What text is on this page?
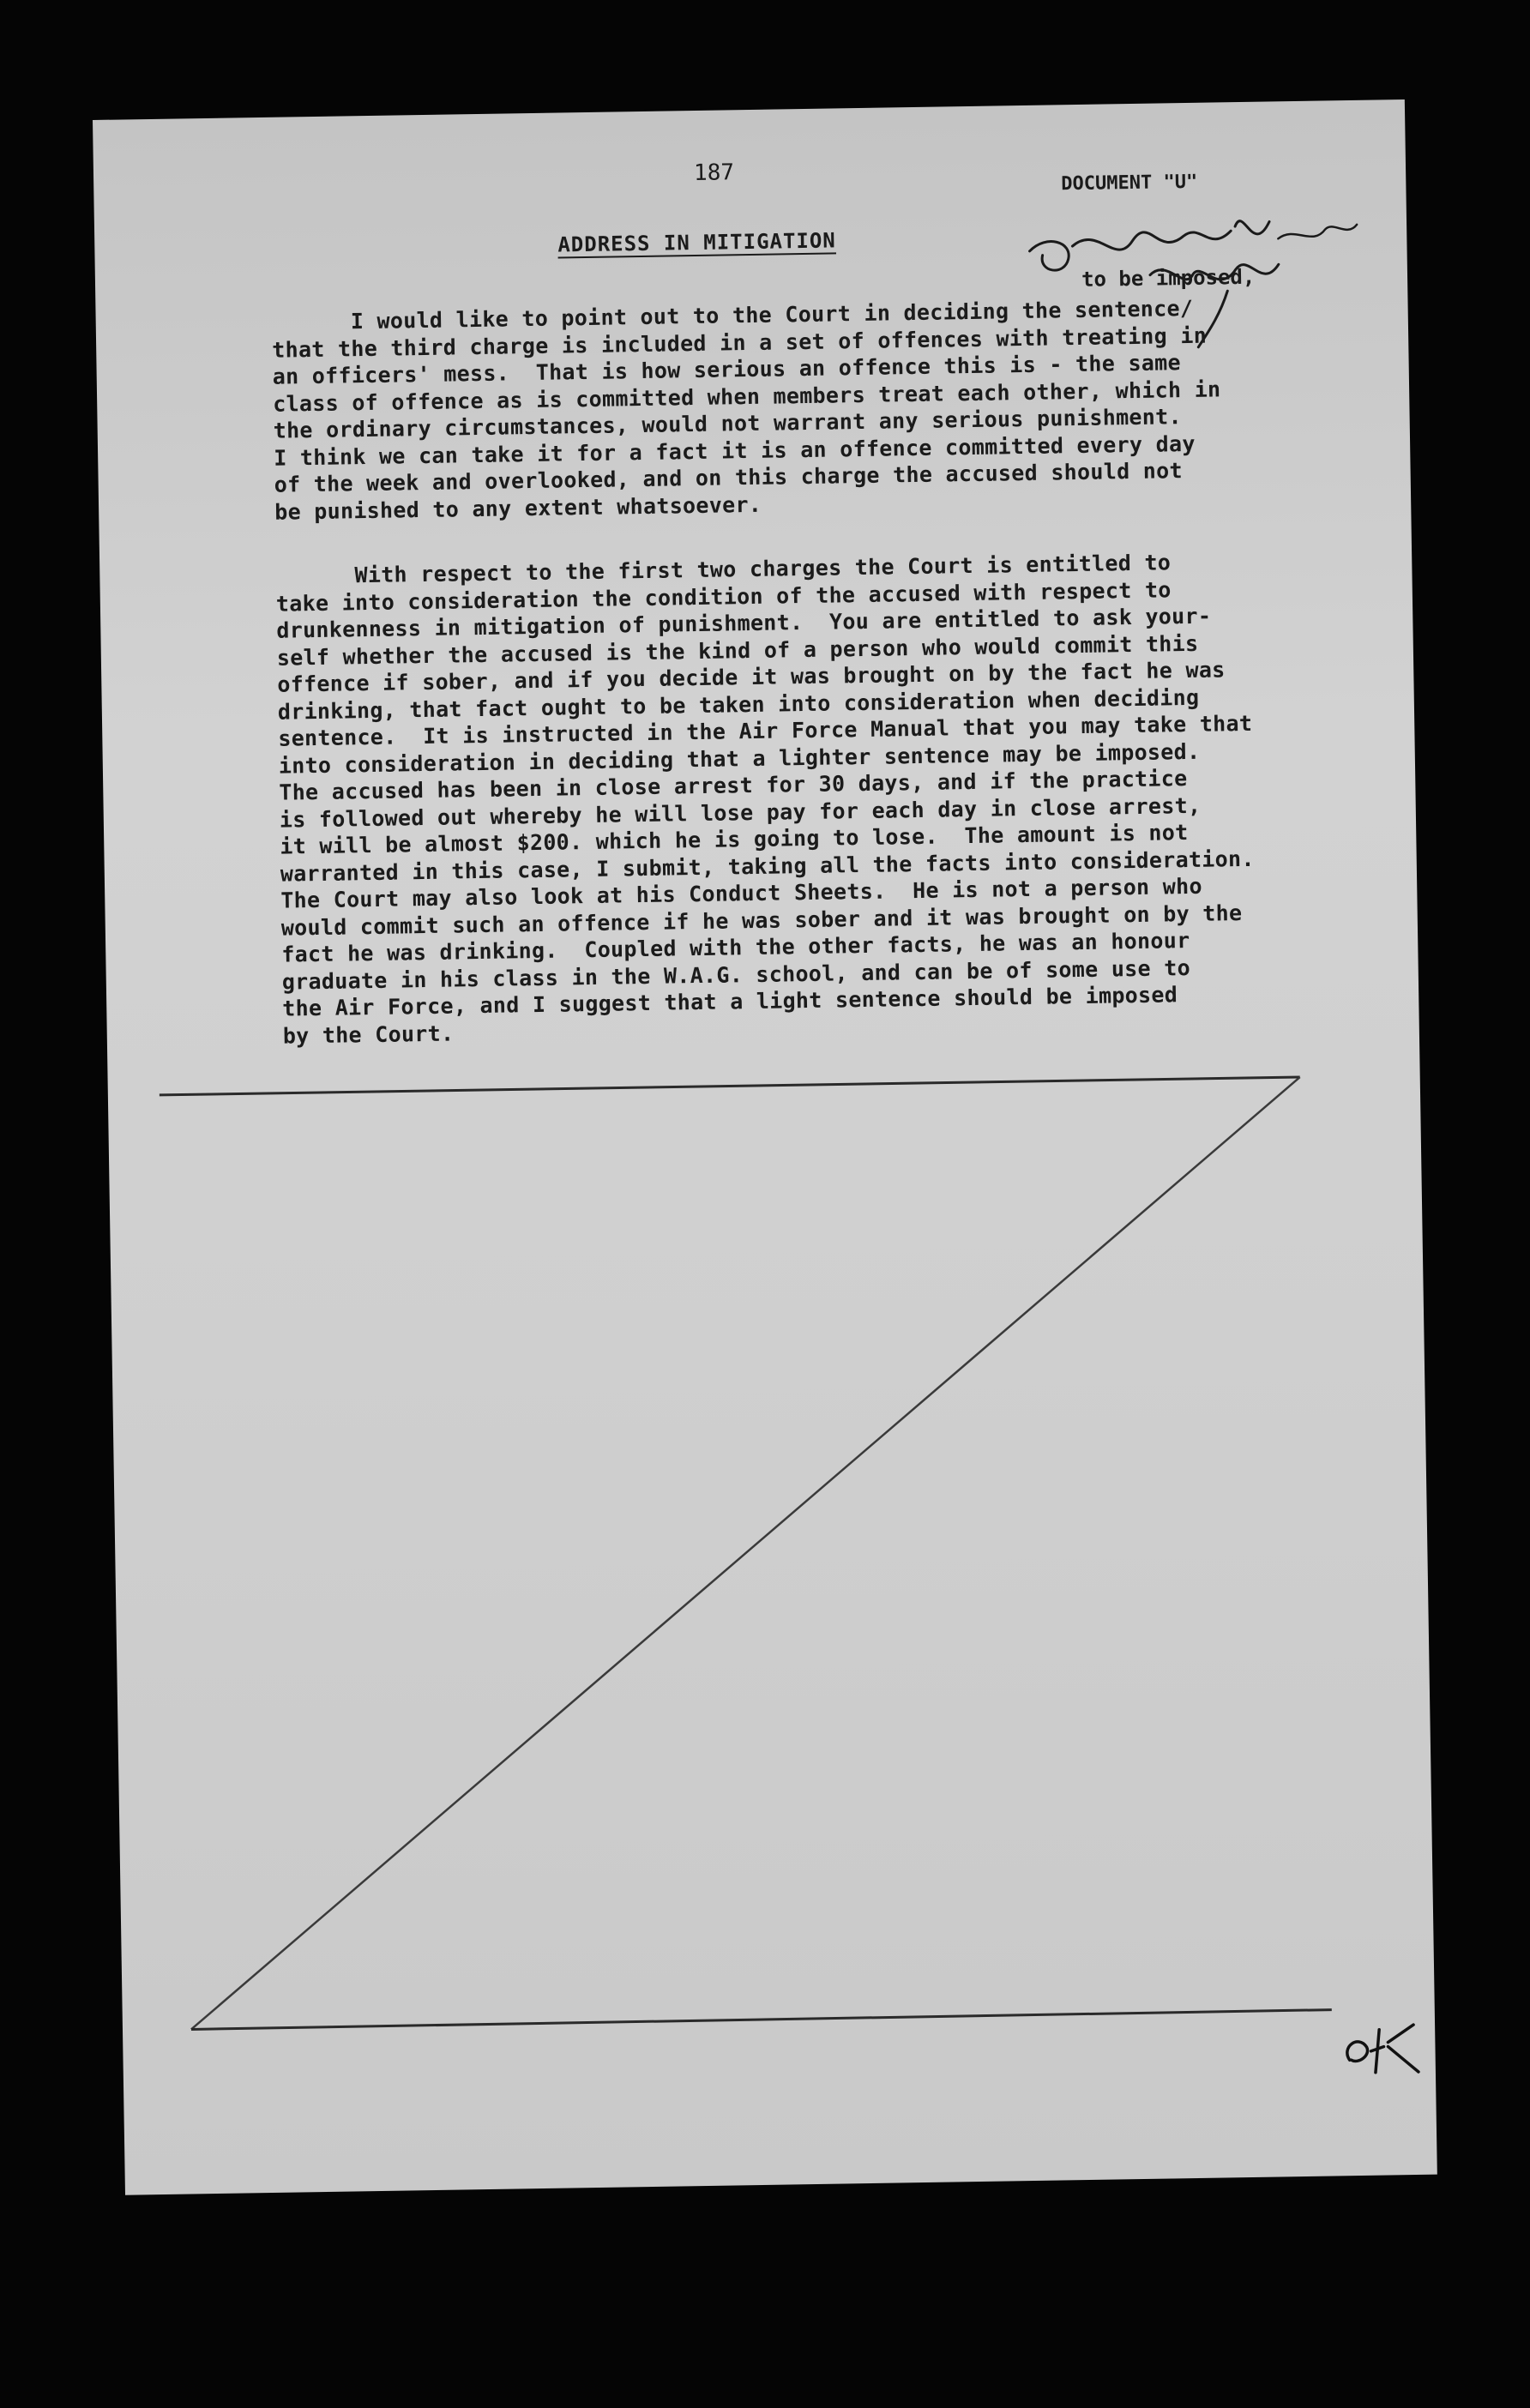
187	DOCUMENT "U"
ADDRESS IN MITIGATION
to be imposed,

I would like to point out to the Court in deciding the sentence/
that the third charge is included in a set of offences with treating in
an officers' mess.  That is how serious an offence this is - the same
class of offence as is committed when members treat each other, which in
the ordinary circumstances, would not warrant any serious punishment.
I think we can take it for a fact it is an offence committed every day
of the week and overlooked, and on this charge the accused should not
be punished to any extent whatsoever.

With respect to the first two charges the Court is entitled to
take into consideration the condition of the accused with respect to
drunkenness in mitigation of punishment.  You are entitled to ask your-
self whether the accused is the kind of a person who would commit this
offence if sober, and if you decide it was brought on by the fact he was
drinking, that fact ought to be taken into consideration when deciding
sentence.  It is instructed in the Air Force Manual that you may take that
into consideration in deciding that a lighter sentence may be imposed.
The accused has been in close arrest for 30 days, and if the practice
is followed out whereby he will lose pay for each day in close arrest,
it will be almost $200. which he is going to lose.  The amount is not
warranted in this case, I submit, taking all the facts into consideration.
The Court may also look at his Conduct Sheets.  He is not a person who
would commit such an offence if he was sober and it was brought on by the
fact he was drinking.  Coupled with the other facts, he was an honour
graduate in his class in the W.A.G. school, and can be of some use to
the Air Force, and I suggest that a light sentence should be imposed
by the Court.
